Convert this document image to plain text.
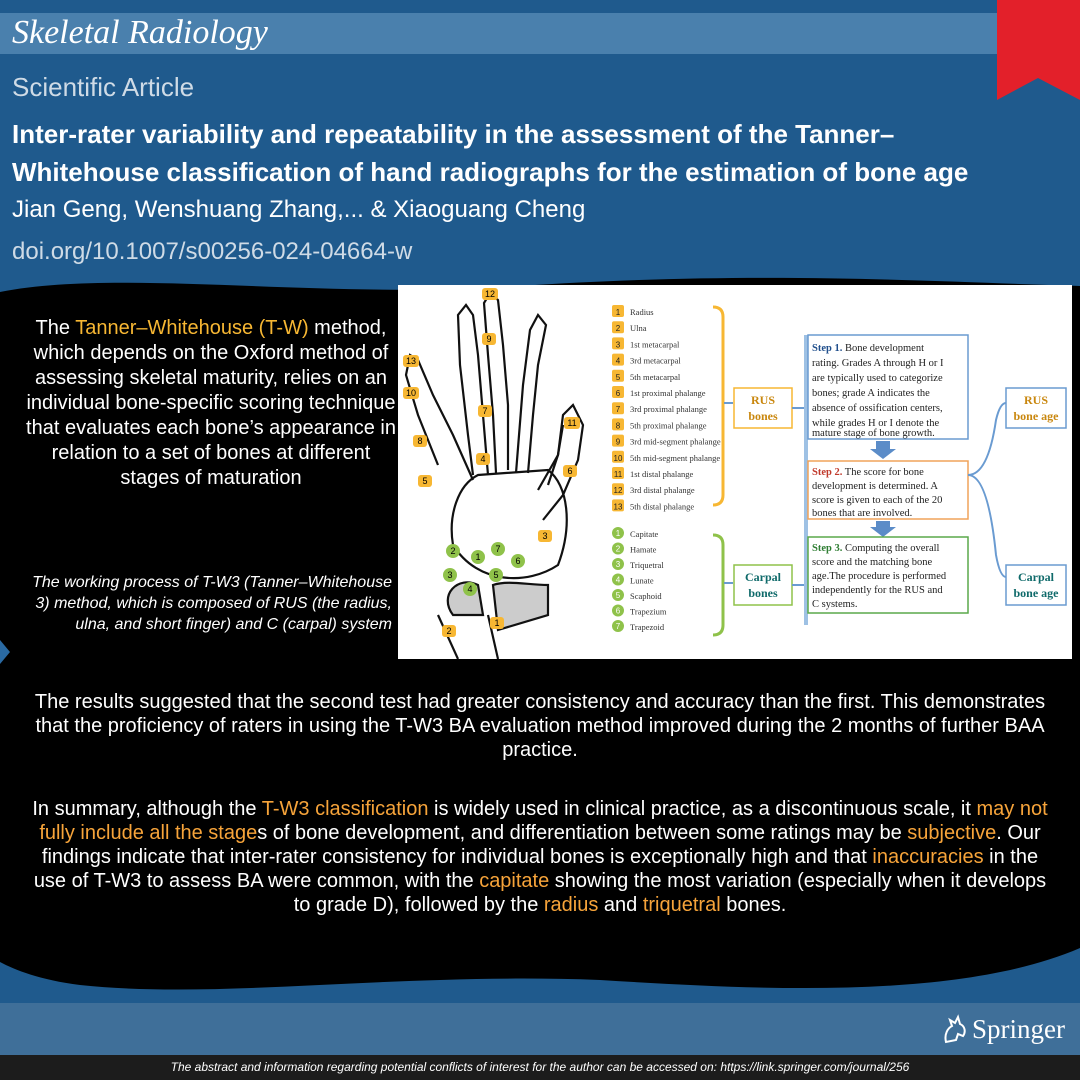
Skeletal Radiology
Scientific Article
Inter-rater variability and repeatability in the assessment of the Tanner–
Whitehouse classification of hand radiographs for the estimation of bone age
Jian Geng, Wenshuang Zhang,... & Xiaoguang Cheng
doi.org/10.1007/s00256-024-04664-w
The Tanner–Whitehouse (T-W) method, which depends on the Oxford method of assessing skeletal maturity, relies on an individual bone-specific scoring technique that evaluates each bone’s appearance in relation to a set of bones at different stages of maturation
The working process of T-W3 (Tanner–Whitehouse 3) method, which is composed of RUS (the radius, ulna, and short finger) and C (carpal) system
12
13
9
10
11
7
8
4
6
5
3
2
1
2
1
7
6
3
4
5
1 Radius
2 Ulna
3 1st metacarpal
4 3rd metacarpal
5 5th metacarpal
6 1st proximal phalange
7 3rd proximal phalange
8 5th proximal phalange
9 3rd mid-segment phalange
10 5th mid-segment phalange
11 1st distal phalange
12 3rd distal phalange
13 5th distal phalange
1 Capitate
2 Hamate
3 Triquetral
4 Lunate
5 Scaphoid
6 Trapezium
7 Trapezoid
RUS
bones
Carpal
bones
Step 1. Bone development rating. Grades A through H or I are typically used to categorize bones; grade A indicates the absence of ossification centers, while grades H or I denote the mature stage of bone growth.
Step 2. The score for bone development is determined. A score is given to each of the 20 bones that are involved.
Step 3. Computing the overall score and the matching bone age.The procedure is performed independently for the RUS and C systems.
RUS
bone age
Carpal
bone age
The results suggested that the second test had greater consistency and accuracy than the first. This demonstrates that the proficiency of raters in using the T-W3 BA evaluation method improved during the 2 months of further BAA practice.
In summary, although the T-W3 classification is widely used in clinical practice, as a discontinuous scale, it may not fully include all the stages of bone development, and differentiation between some ratings may be subjective. Our findings indicate that inter-rater consistency for individual bones is exceptionally high and that inaccuracies in the use of T-W3 to assess BA were common, with the capitate showing the most variation (especially when it develops to grade D), followed by the radius and triquetral bones.
Springer
The abstract and information regarding potential conflicts of interest for the author can be accessed on: https://link.springer.com/journal/256
